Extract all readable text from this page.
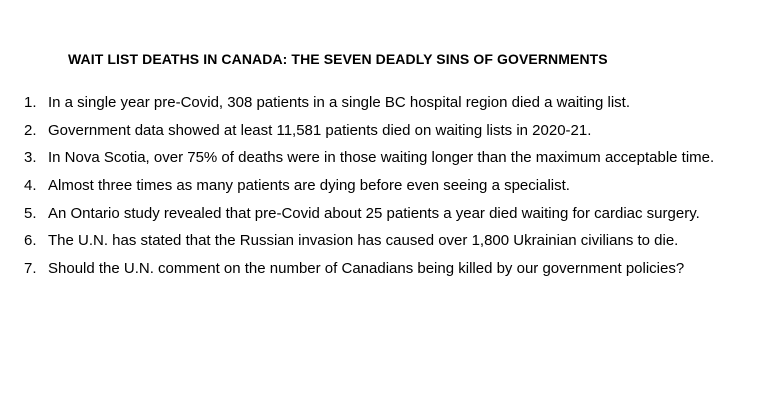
WAIT LIST DEATHS IN CANADA: THE SEVEN DEADLY SINS OF GOVERNMENTS
1. In a single year pre-Covid, 308 patients in a single BC hospital region died a waiting list.
2. Government data showed at least 11,581 patients died on waiting lists in 2020-21.
3. In Nova Scotia, over 75% of deaths were in those waiting longer than the maximum acceptable time.
4. Almost three times as many patients are dying before even seeing a specialist.
5. An Ontario study revealed that pre-Covid about 25 patients a year died waiting for cardiac surgery.
6. The U.N. has stated that the Russian invasion has caused over 1,800 Ukrainian civilians to die.
7. Should the U.N. comment on the number of Canadians being killed by our government policies?
